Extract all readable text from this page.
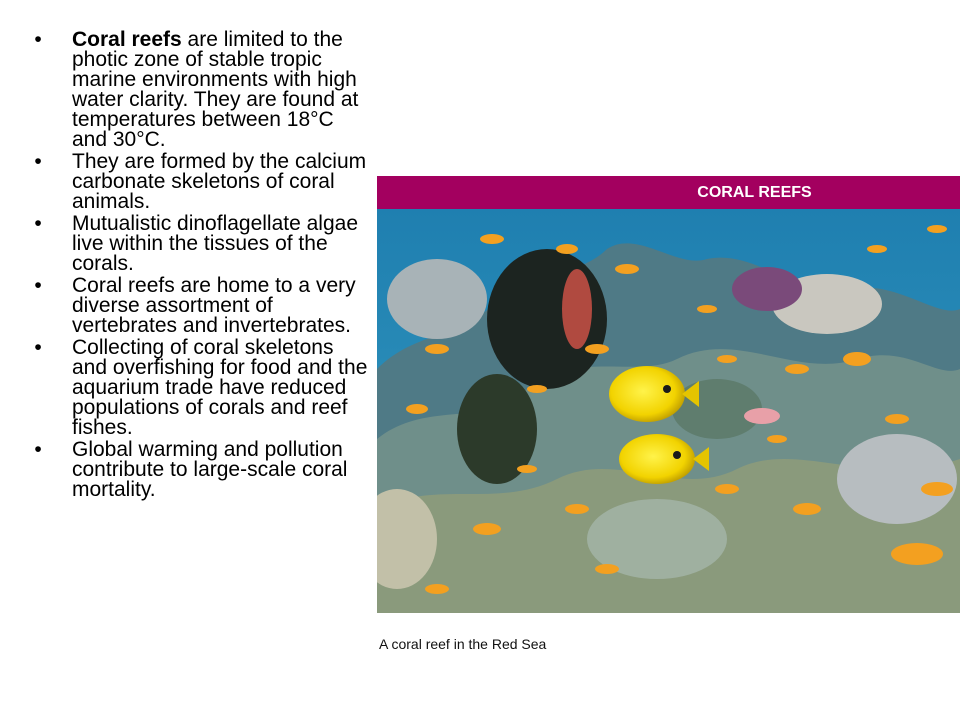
•	Coral reefs are limited to the photic zone of stable tropic marine environments with high water clarity. They are found at temperatures between 18°C and 30°C.
•	They are formed by the calcium carbonate skeletons of coral animals.
•	Mutualistic dinoflagellate algae live within the tissues of the corals.
•	Coral reefs are home to a very diverse assortment of vertebrates and invertebrates.
•	Collecting of coral skeletons and overfishing for food and the aquarium trade have reduced populations of corals and reef fishes.
•	Global warming and pollution contribute to large-scale coral mortality.
CORAL REEFS
A coral reef in the Red Sea
